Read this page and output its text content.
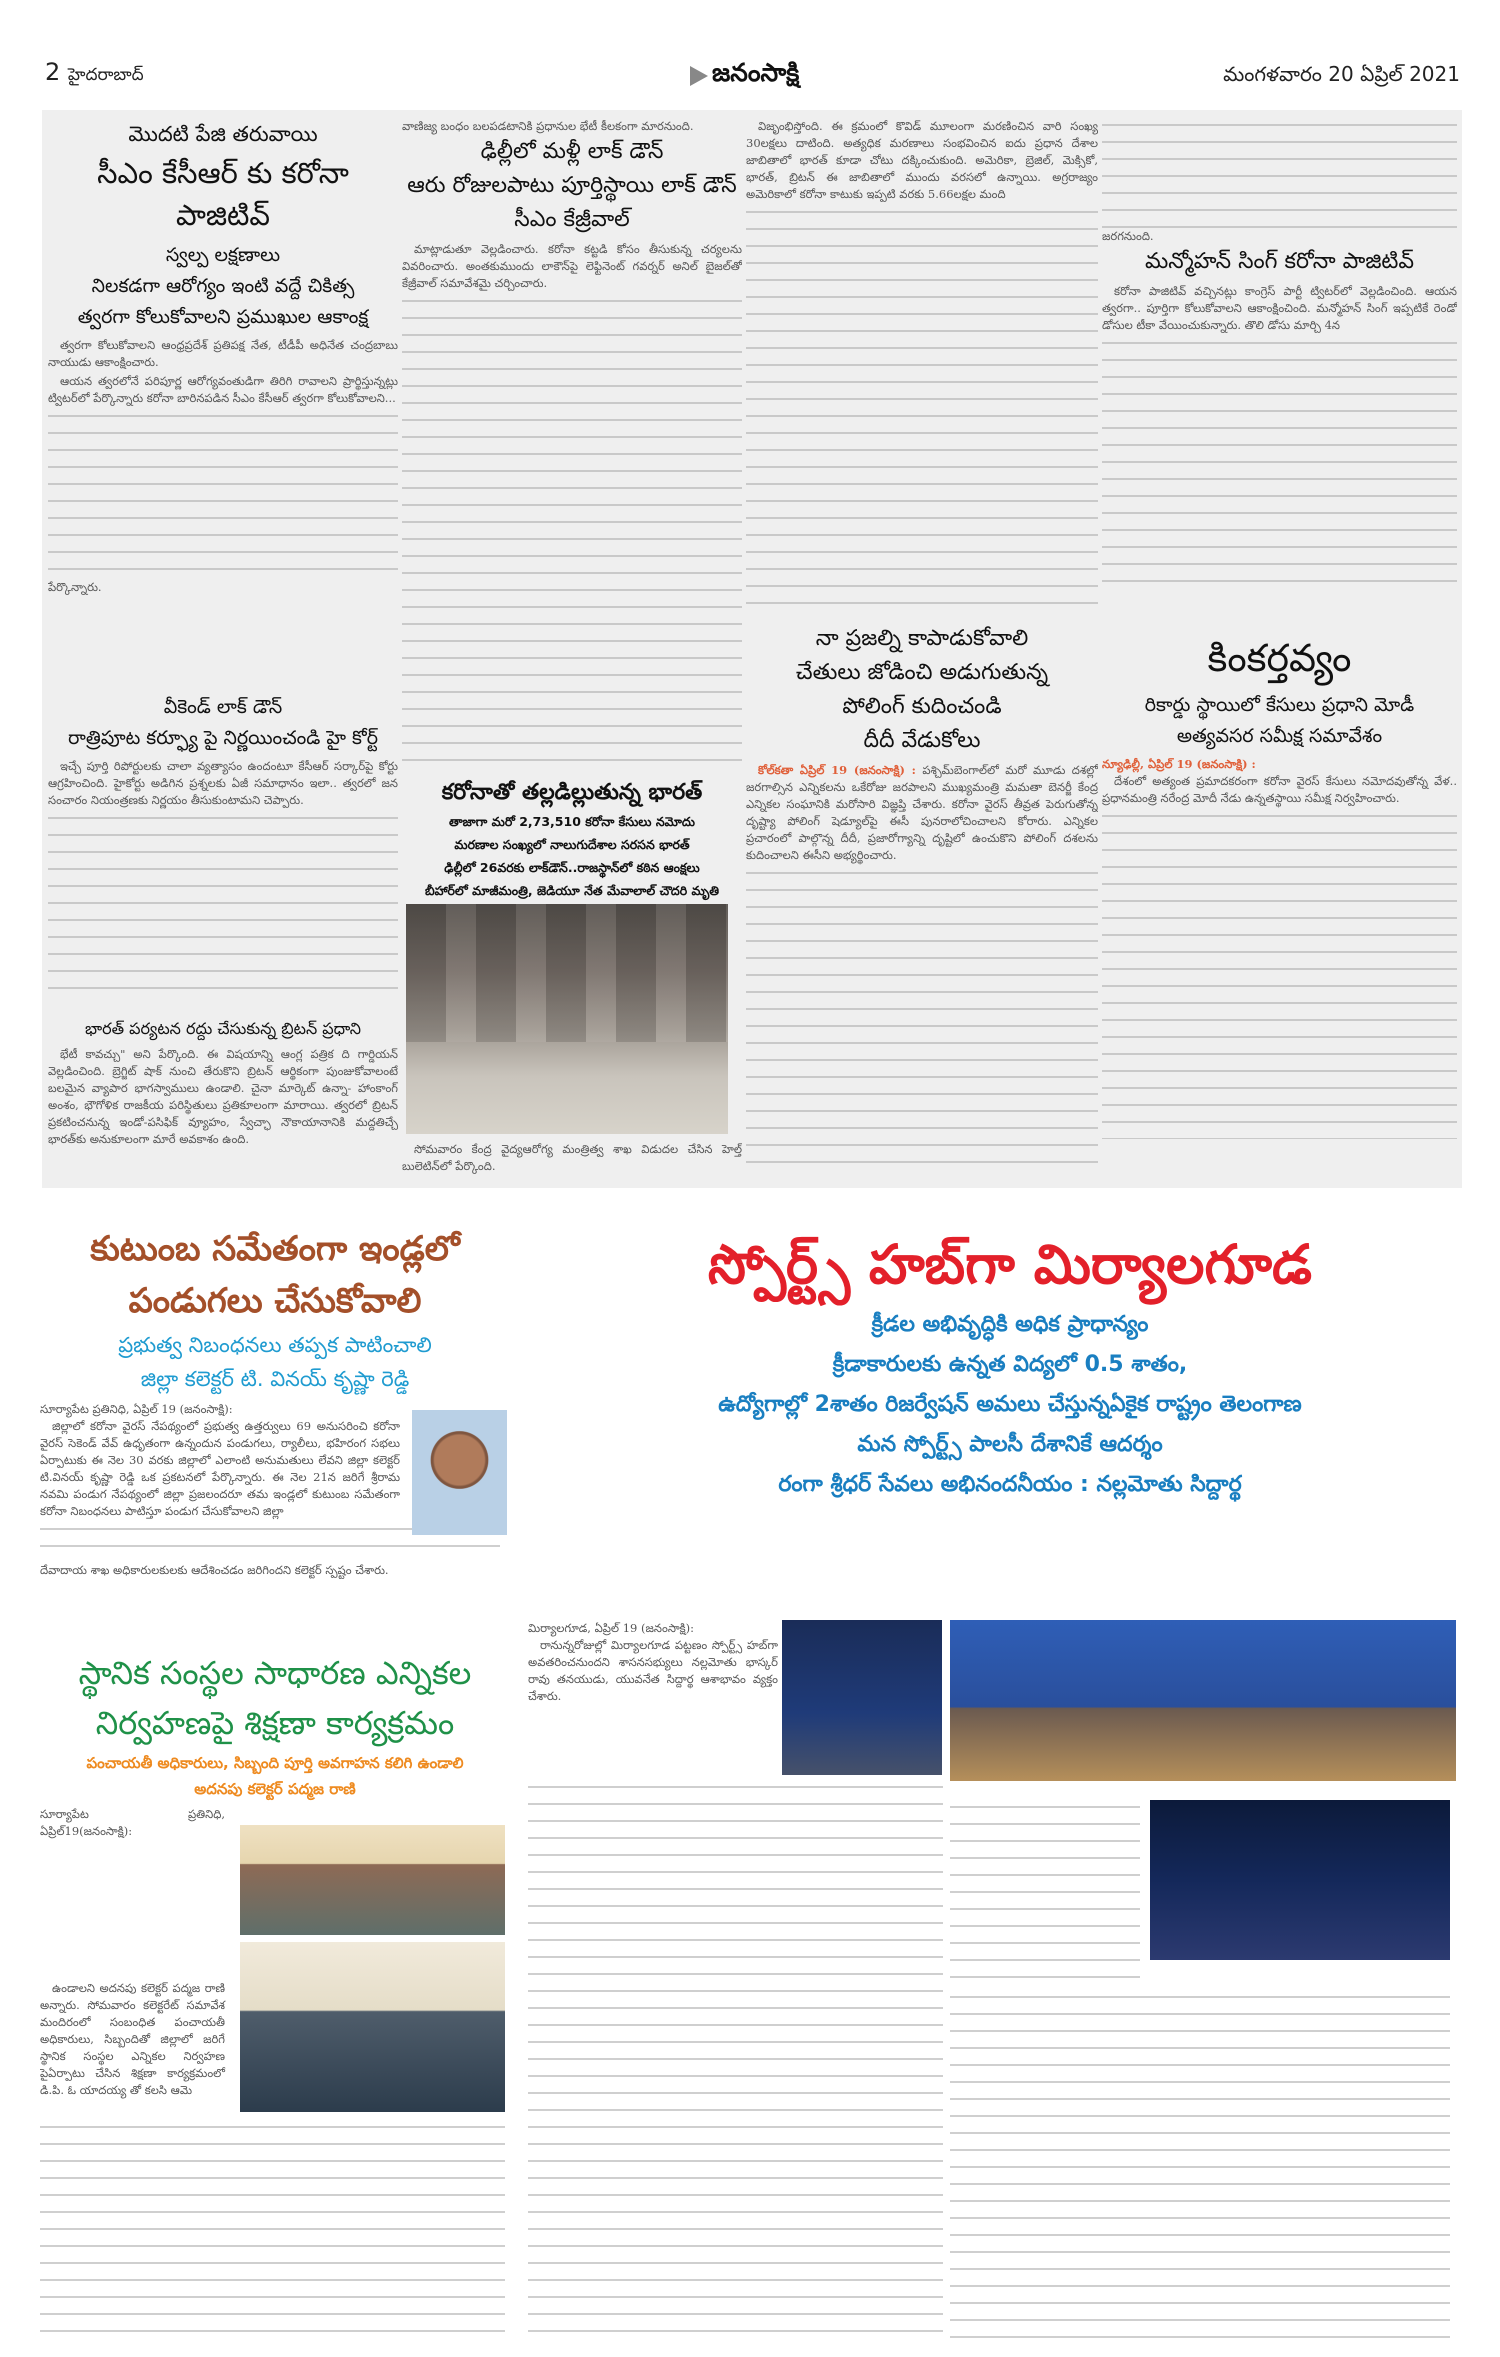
2 హైదరాబాద్	జనంసాక్షి	మంగళవారం 20 ఏప్రిల్ 2021
మొదటి పేజి తరువాయి
సీఎం కేసీఆర్ కు కరోనా పాజిటివ్
స్వల్ప లక్షణాలు
నిలకడగా ఆరోగ్యం ఇంటి వద్దే చికిత్స
త్వరగా కోలుకోవాలని ప్రముఖుల ఆకాంక్ష

త్వరగా కోలుకోవాలని ఆంధ్రప్రదేశ్ ప్రతిపక్ష నేత, టీడీపీ అధినేత చంద్రబాబు నాయుడు ఆకాంక్షించారు.

ఆయన త్వరలోనే పరిపూర్ణ ఆరోగ్యవంతుడిగా తిరిగి రావాలని ప్రార్థిస్తున్నట్లు ట్విటర్‌లో పేర్కొన్నారు కరోనా బారినపడిన సీఎం కేసీఆర్ త్వరగా కోలుకోవాలని...

పేర్కొన్నారు.
వీకెండ్ లాక్ డౌన్
రాత్రిపూట కర్ఫ్యూ పై నిర్ణయించండి హై కోర్ట్

ఇచ్చే పూర్తి రిపోర్టులకు చాలా వ్యత్యాసం ఉందంటూ కేసీఆర్ సర్కార్‌పై కోర్టు ఆగ్రహించింది. హైకోర్టు అడిగిన ప్రశ్నలకు ఏజీ సమాధానం ఇలా.. త్వరలో జన సంచారం నియంత్రణకు నిర్ణయం తీసుకుంటామని చెప్పారు.

భారత్ పర్యటన రద్దు చేసుకున్న బ్రిటన్ ప్రధాని

భేటీ కావచ్చు" అని పేర్కొంది. ఈ విషయాన్ని ఆంగ్ల పత్రిక ది గార్డియన్ వెల్లడించింది. బ్రెగ్జిట్ షాక్ నుంచి తేరుకొని బ్రిటన్ ఆర్థికంగా పుంజుకోవాలంటే బలమైన వ్యాపార భాగస్వాములు ఉండాలి. చైనా మార్కెట్ ఉన్నా- హాంకాంగ్ అంశం, భౌగోళిక రాజకీయ పరిస్థితులు ప్రతికూలంగా మారాయి. త్వరలో బ్రిటన్ ప్రకటించనున్న ఇండో-పసిఫిక్ వ్యూహం, స్వేచ్ఛా నౌకాయానానికి మద్దతిచ్చే భారత్‌కు అనుకూలంగా మారే అవకాశం ఉంది.

వాణిజ్య బంధం బలపడటానికి ప్రధానుల భేటీ కీలకంగా మారనుంది.
ఢిల్లీలో మళ్లీ లాక్ డౌన్
ఆరు రోజులపాటు పూర్తిస్థాయి లాక్ డౌన్
సీఎం కేజ్రీవాల్

మాట్లాడుతూ వెల్లడించారు. కరోనా కట్టడి కోసం తీసుకున్న చర్యలను వివరించారు. అంతకుముందు లాకౌన్‌పై లెఫ్టినెంట్ గవర్నర్ అనిల్ బైజల్‌తో కేజ్రీవాల్ సమావేశమై చర్చించారు.

కరోనాతో తల్లడిల్లుతున్న భారత్
తాజాగా మరో 2,73,510 కరోనా కేసులు నమోదు
మరణాల సంఖ్యలో నాలుగుదేశాల సరసన భారత్
ఢిల్లీలో 26వరకు లాక్‌డౌన్..రాజస్థాన్‌లో కఠిన ఆంక్షలు
బీహార్‌లో మాజీమంత్రి, జెడియూ నేత మేవాలాల్ చౌదరి మృతి

సోమవారం కేంద్ర వైద్యఆరోగ్య మంత్రిత్వ శాఖ విడుదల చేసిన హెల్త్ బులెటిన్‌లో పేర్కొంది.

విజృంభిస్తోంది. ఈ క్రమంలో కొవిడ్ మూలంగా మరణించిన వారి సంఖ్య 30లక్షలు దాటింది. అత్యధిక మరణాలు సంభవించిన ఐదు ప్రధాన దేశాల జాబితాలో భారత్ కూడా చోటు దక్కించుకుంది. అమెరికా, బ్రెజిల్, మెక్సికో, భారత్, బ్రిటన్ ఈ జాబితాలో ముందు వరసలో ఉన్నాయి. అగ్రరాజ్యం అమెరికాలో కరోనా కాటుకు ఇప్పటి వరకు 5.66లక్షల మంది

నా ప్రజల్ని కాపాడుకోవాలి
చేతులు జోడించి అడుగుతున్న
పోలింగ్ కుదించండి
దీదీ వేడుకోలు

కోల్‌కతా ఏప్రిల్ 19 (జనంసాక్షి) : పశ్చిమ్‌బెంగాల్‌లో మరో మూడు దశల్లో జరగాల్సిన ఎన్నికలను ఒకేరోజు జరపాలని ముఖ్యమంత్రి మమతా బెనర్జీ కేంద్ర ఎన్నికల సంఘానికి మరోసారి విజ్ఞప్తి చేశారు. కరోనా వైరస్ తీవ్రత పెరుగుతోన్న దృష్ట్యా పోలింగ్ షెడ్యూల్‌పై ఈసీ పునరాలోచించాలని కోరారు. ఎన్నికల ప్రచారంలో పాల్గొన్న దీదీ, ప్రజారోగ్యాన్ని దృష్టిలో ఉంచుకొని పోలింగ్ దశలను కుదించాలని ఈసీని అభ్యర్థించారు.

జరగనుంది.
మన్మోహన్ సింగ్ కరోనా పాజిటివ్

కరోనా పాజిటివ్ వచ్చినట్లు కాంగ్రెస్ పార్టీ ట్విటర్‌లో వెల్లడించింది. ఆయన త్వరగా.. పూర్తిగా కోలుకోవాలని ఆకాంక్షించింది. మన్మోహన్ సింగ్ ఇప్పటికే రెండో డోసుల టీకా వేయించుకున్నారు. తొలి డోసు మార్చి 4న

కింకర్తవ్యం
రికార్డు స్థాయిలో కేసులు ప్రధాని మోడీ
అత్యవసర సమీక్ష సమావేశం
న్యూఢిల్లీ, ఏప్రిల్ 19 (జనంసాక్షి) :

దేశంలో అత్యంత ప్రమాదకరంగా కరోనా వైరస్ కేసులు నమోదవుతోన్న వేళ.. ప్రధానమంత్రి నరేంద్ర మోదీ నేడు ఉన్నతస్థాయి సమీక్ష నిర్వహించారు.

కుటుంబ సమేతంగా ఇండ్లలో
పండుగలు చేసుకోవాలి
ప్రభుత్వ నిబంధనలు తప్పక పాటించాలి
జిల్లా కలెక్టర్ టి. వినయ్ కృష్ణా రెడ్డి
సూర్యాపేట ప్రతినిధి, ఏప్రిల్ 19 (జనంసాక్షి):

జిల్లాలో కరోనా వైరస్ నేపథ్యంలో ప్రభుత్వ ఉత్తర్వులు 69 అనుసరించి కరోనా వైరస్ సెకెండ్ వేవ్ ఉధృతంగా ఉన్నందున పండుగలు, ర్యాలీలు, భహిరంగ సభలు ఏర్పాటుకు ఈ నెల 30 వరకు జిల్లాలో ఎలాంటి అనుమతులు లేవని జిల్లా కలెక్టర్ టి.వినయ్ కృష్ణా రెడ్డి ఒక ప్రకటనలో పేర్కొన్నారు. ఈ నెల 21న జరిగే శ్రీరామ నవమి పండుగ నేపథ్యంలో జిల్లా ప్రజలందరూ తమ ఇండ్లలో కుటుంబ సమేతంగా కరోనా నిబంధనలు పాటిస్తూ పండుగ చేసుకోవాలని జిల్లా

దేవాదాయ శాఖ అధికారులకులకు ఆదేశించడం జరిగిందని కలెక్టర్ స్పష్టం చేశారు.
స్థానిక సంస్థల సాధారణ ఎన్నికల
నిర్వహణపై శిక్షణా కార్యక్రమం
పంచాయతీ అధికారులు, సిబ్బంది పూర్తి అవగాహన కలిగి ఉండాలి
అదనపు కలెక్టర్ పద్మజ రాణి
సూర్యాపేట ప్రతినిధి, ఏప్రిల్19(జనంసాక్షి):

ఉండాలని అదనపు కలెక్టర్ పద్మజ రాణి అన్నారు. సోమవారం కలెక్టరేట్ సమావేశ మందిరంలో సంబంధిత పంచాయతీ అధికారులు, సిబ్బందితో జిల్లాలో జరిగే స్థానిక సంస్థల ఎన్నికల నిర్వహణ పైఏర్పాటు చేసిన శిక్షణా కార్యక్రమంలో డి.పి. ఓ యాదయ్య తో కలసి ఆమె

స్పోర్ట్స్ హబ్‌గా మిర్యాలగూడ
క్రీడల అభివృద్ధికి అధిక ప్రాధాన్యం
క్రీడాకారులకు ఉన్నత విద్యలో 0.5 శాతం,
ఉద్యోగాల్లో 2శాతం రిజర్వేషన్ అమలు చేస్తున్నఏకైక రాష్ట్రం తెలంగాణ
మన స్పోర్ట్స్ పాలసీ దేశానికే ఆదర్శం
రంగా శ్రీధర్ సేవలు అభినందనీయం : నల్లమోతు సిద్దార్థ
మిర్యాలగూడ, ఏప్రిల్ 19 (జనంసాక్షి):

రానున్నరోజుల్లో మిర్యాలగూడ పట్టణం స్పోర్ట్స్ హబ్‌గా అవతరించనుందని శాసనసభ్యులు నల్లమోతు భాస్కర్ రావు తనయుడు, యువనేత సిద్దార్థ ఆశాభావం వ్యక్తం చేశారు.
